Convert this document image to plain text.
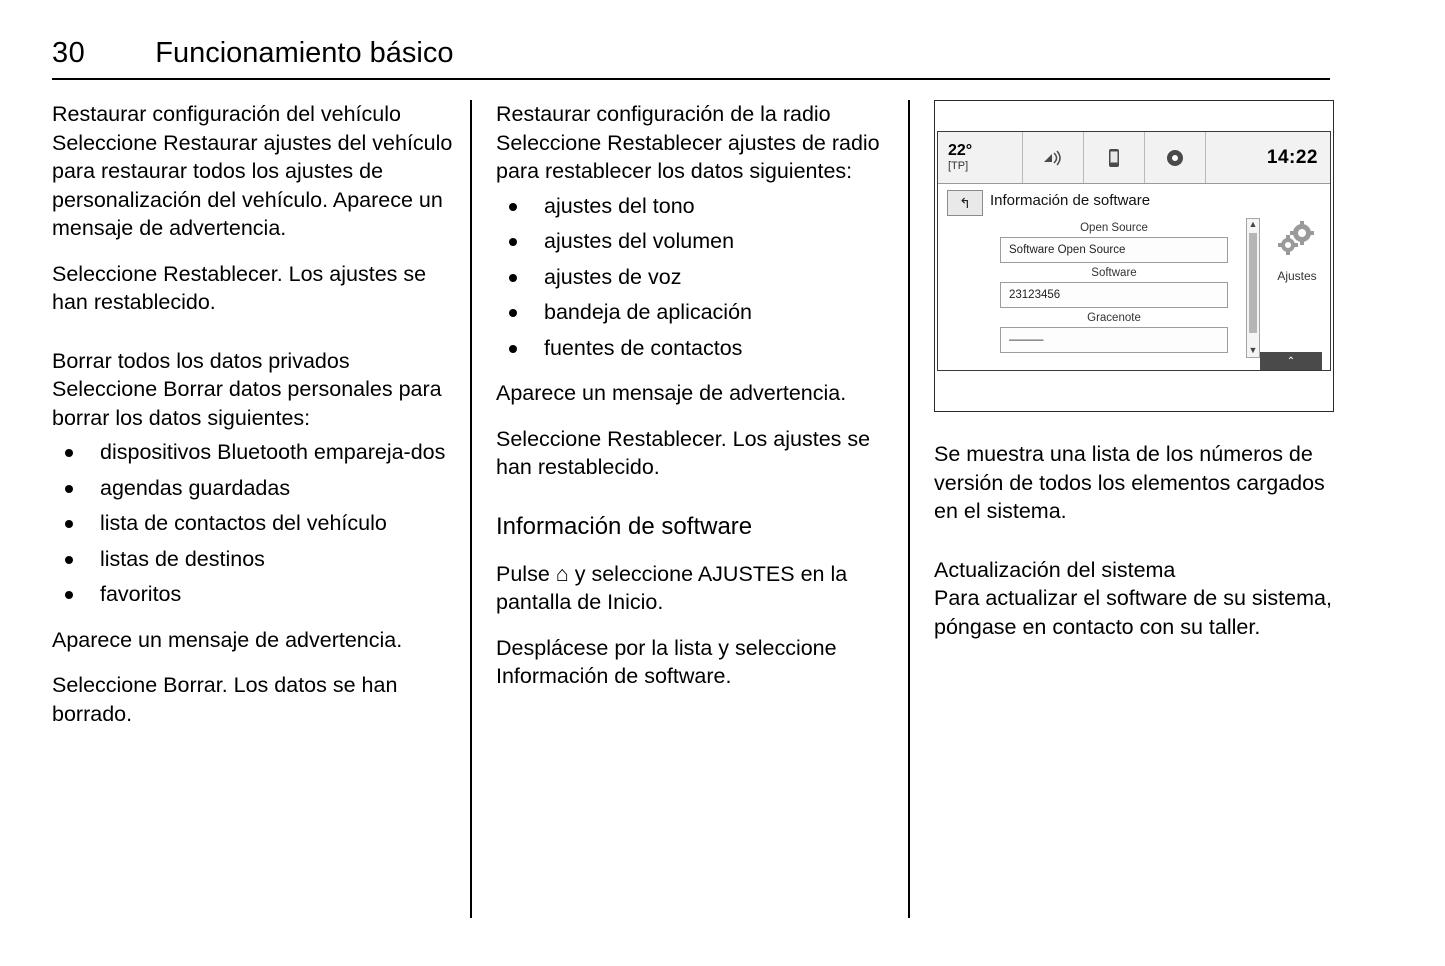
30 Funcionamiento básico

Restaurar configuración del vehículo

Seleccione Restaurar ajustes del vehículo para restaurar todos los ajustes de personalización del vehículo. Aparece un mensaje de advertencia.

Seleccione Restablecer. Los ajustes se han restablecido.

Borrar todos los datos privados

Seleccione Borrar datos personales para borrar los datos siguientes:

dispositivos Bluetooth empareja-dos
agendas guardadas
lista de contactos del vehículo
listas de destinos
favoritos

Aparece un mensaje de advertencia.

Seleccione Borrar. Los datos se han borrado.

Restaurar configuración de la radio

Seleccione Restablecer ajustes de radio para restablecer los datos siguientes:

ajustes del tono
ajustes del volumen
ajustes de voz
bandeja de aplicación
fuentes de contactos

Aparece un mensaje de advertencia.

Seleccione Restablecer. Los ajustes se han restablecido.

Información de software

Pulse ⌂ y seleccione AJUSTES en la pantalla de Inicio.

Desplácese por la lista y seleccione Información de software.

22°
[TP]	14:22
↰	Información de software
Open Source
Software Open Source
Software
23123456
Gracenote
———
▲
▼
Ajustes
⌃

Se muestra una lista de los números de versión de todos los elementos cargados en el sistema.

Actualización del sistema

Para actualizar el software de su sistema, póngase en contacto con su taller.
